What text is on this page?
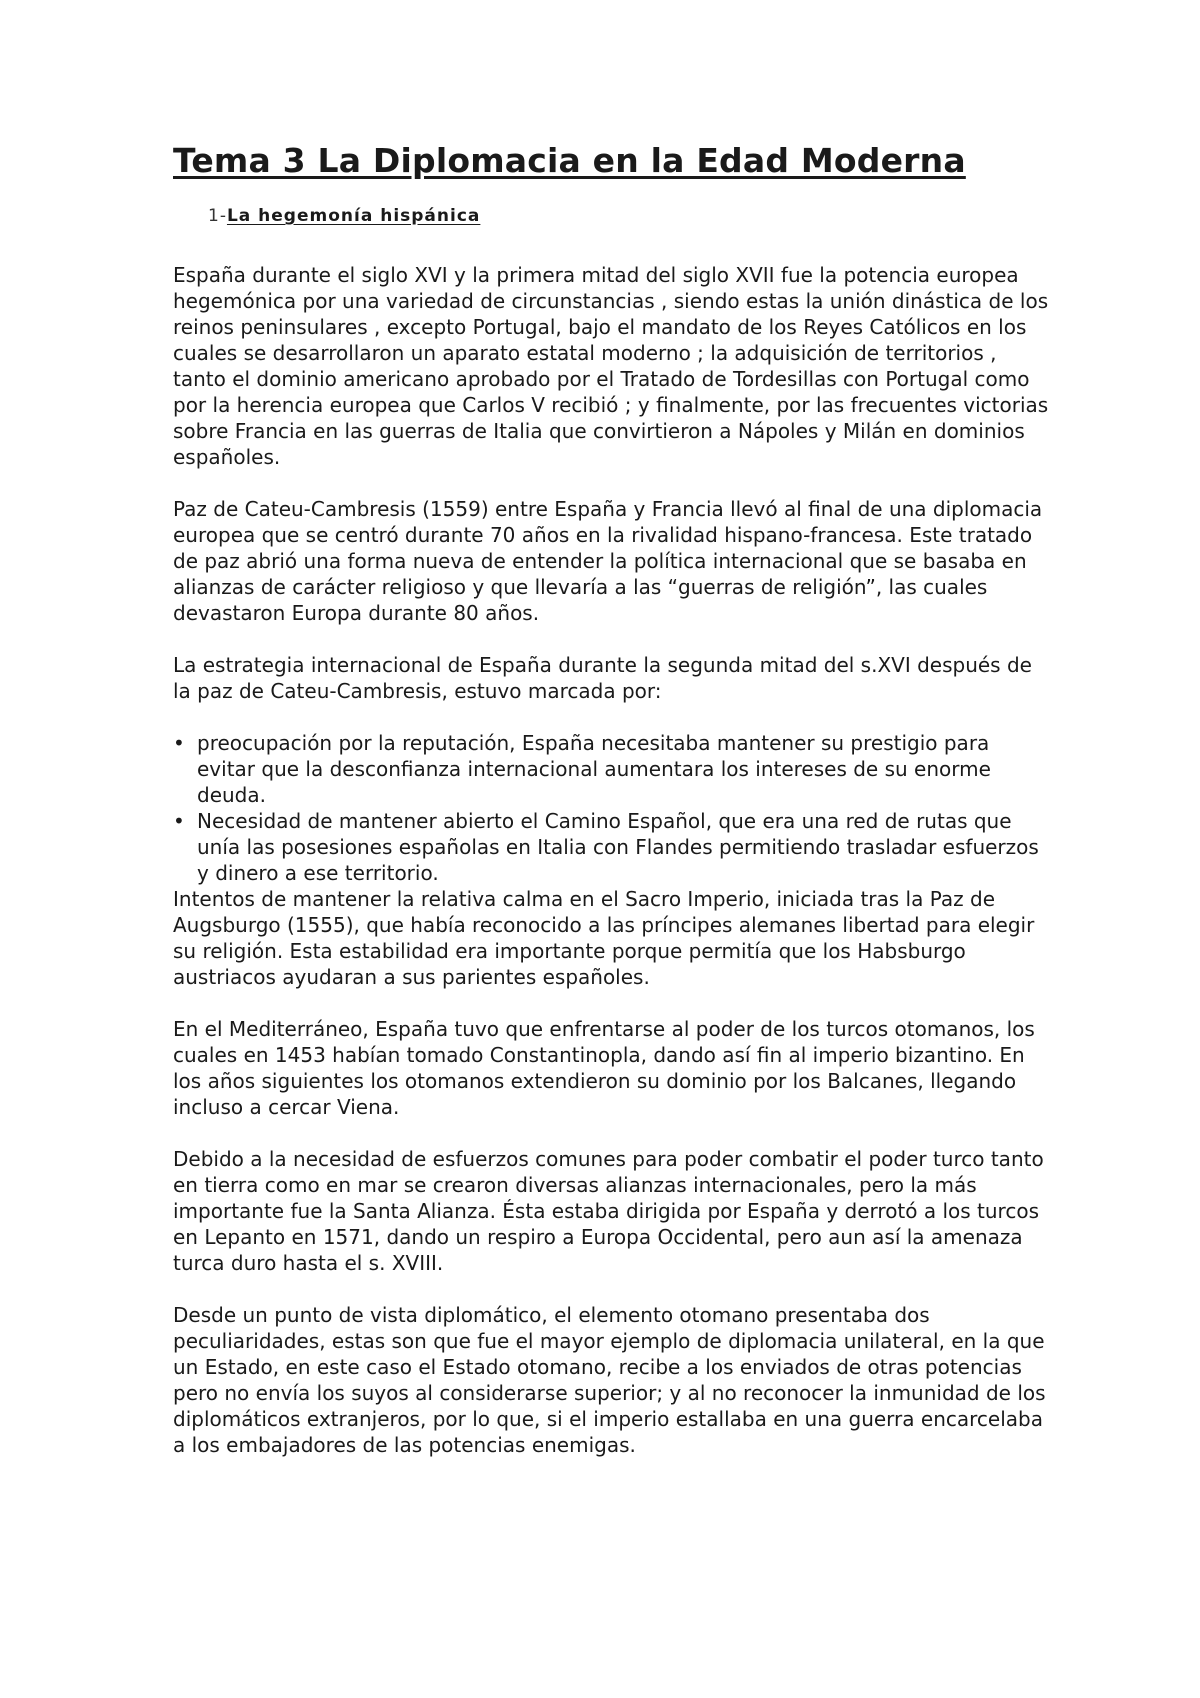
Tema 3 La Diplomacia en la Edad Moderna
1-La hegemonía hispánica

España durante el siglo XVI y la primera mitad del siglo XVII fue la potencia europea hegemónica por una variedad de circunstancias , siendo estas la unión dinástica de los reinos peninsulares , excepto Portugal, bajo el mandato de los Reyes Católicos en los cuales se desarrollaron un aparato estatal moderno ; la adquisición de territorios , tanto el dominio americano aprobado por el Tratado de Tordesillas con Portugal como por la herencia europea que Carlos V recibió ; y finalmente, por las frecuentes victorias sobre Francia en las guerras de Italia que convirtieron a Nápoles y Milán en dominios españoles.

Paz de Cateu-Cambresis (1559) entre España y Francia llevó al final de una diplomacia europea que se centró durante 70 años en la rivalidad hispano-francesa. Este tratado de paz abrió una forma nueva de entender la política internacional que se basaba en alianzas de carácter religioso y que llevaría a las “guerras de religión”, las cuales devastaron Europa durante 80 años.

La estrategia internacional de España durante la segunda mitad del s.XVI después de la paz de Cateu-Cambresis, estuvo marcada por:

• preocupación por la reputación, España necesitaba mantener su prestigio para evitar que la desconfianza internacional aumentara los intereses de su enorme deuda.
• Necesidad de mantener abierto el Camino Español, que era una red de rutas que unía las posesiones españolas en Italia con Flandes permitiendo trasladar esfuerzos y dinero a ese territorio.

Intentos de mantener la relativa calma en el Sacro Imperio, iniciada tras la Paz de Augsburgo (1555), que había reconocido a las príncipes alemanes libertad para elegir su religión. Esta estabilidad era importante porque permitía que los Habsburgo austriacos ayudaran a sus parientes españoles.

En el Mediterráneo, España tuvo que enfrentarse al poder de los turcos otomanos, los cuales en 1453 habían tomado Constantinopla, dando así fin al imperio bizantino. En los años siguientes los otomanos extendieron su dominio por los Balcanes, llegando incluso a cercar Viena.

Debido a la necesidad de esfuerzos comunes para poder combatir el poder turco tanto en tierra como en mar se crearon diversas alianzas internacionales, pero la más importante fue la Santa Alianza. Ésta estaba dirigida por España y derrotó a los turcos en Lepanto en 1571, dando un respiro a Europa Occidental, pero aun así la amenaza turca duro hasta el s. XVIII.

Desde un punto de vista diplomático, el elemento otomano presentaba dos peculiaridades, estas son que fue el mayor ejemplo de diplomacia unilateral, en la que un Estado, en este caso el Estado otomano, recibe a los enviados de otras potencias pero no envía los suyos al considerarse superior; y al no reconocer la inmunidad de los diplomáticos extranjeros, por lo que, si el imperio estallaba en una guerra encarcelaba a los embajadores de las potencias enemigas.
